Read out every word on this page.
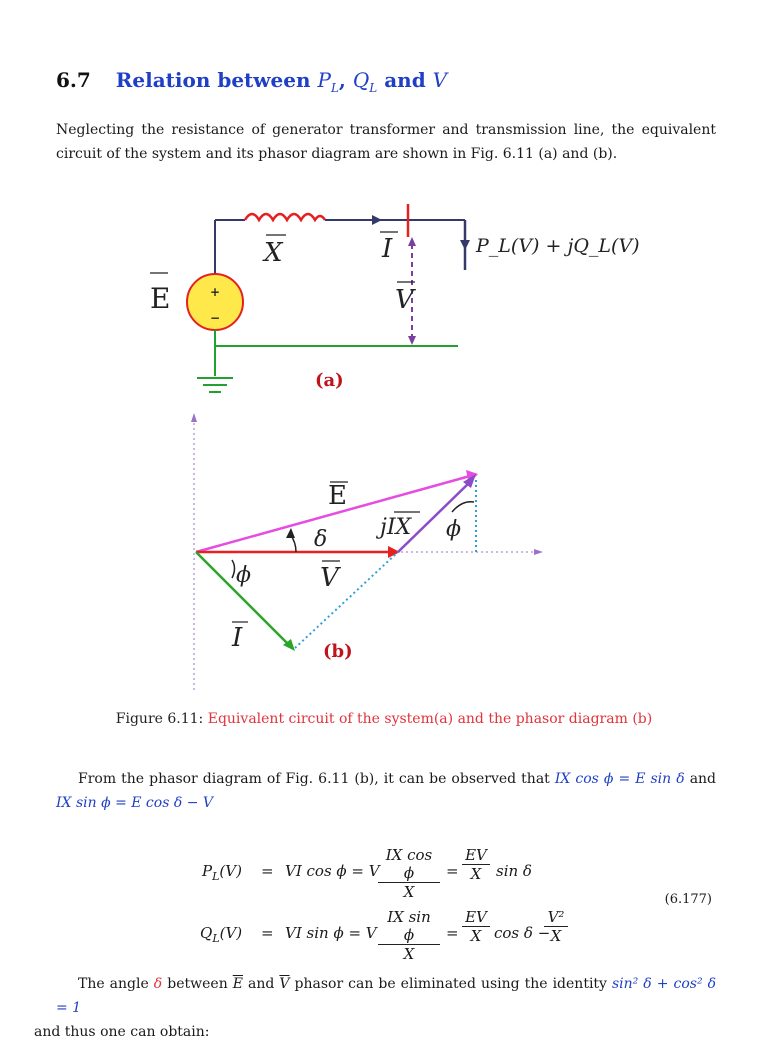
6.7 Relation between $P_L$, $Q_L$ and V
Neglecting the resistance of generator transformer and transmission line, the equivalent circuit of the system and its phasor diagram are shown in Fig. 6.11 (a) and (b).
+
−
E
X	I
V
P_L(V) + jQ_L(V)
(a)
E
δ jIX ϕ
ϕ	V
I	(b)
Figure 6.11: Equivalent circuit of the system(a) and the phasor diagram (b)
From the phasor diagram of Fig. 6.11 (b), it can be observed that IX cos ϕ = E sin δ and IX sin ϕ = E cos δ − V
$P_L(V)$ = VI cos ϕ = V
$\frac{\text{IX cos ϕ}}{X} = \frac{EV}{X}$ sin δ
$Q_L(V)$ = VI sin ϕ = V $\frac{\text{IX sin ϕ}}{X} = \frac{EV}{X}$ cos δ −
$\frac{\text{V²}}{X}$
(6.177)
The angle δ between $\overline{E}$ and $\overline{V}$ phasor can be eliminated using the identity sin² δ + cos² δ = 1
and thus one can obtain:
